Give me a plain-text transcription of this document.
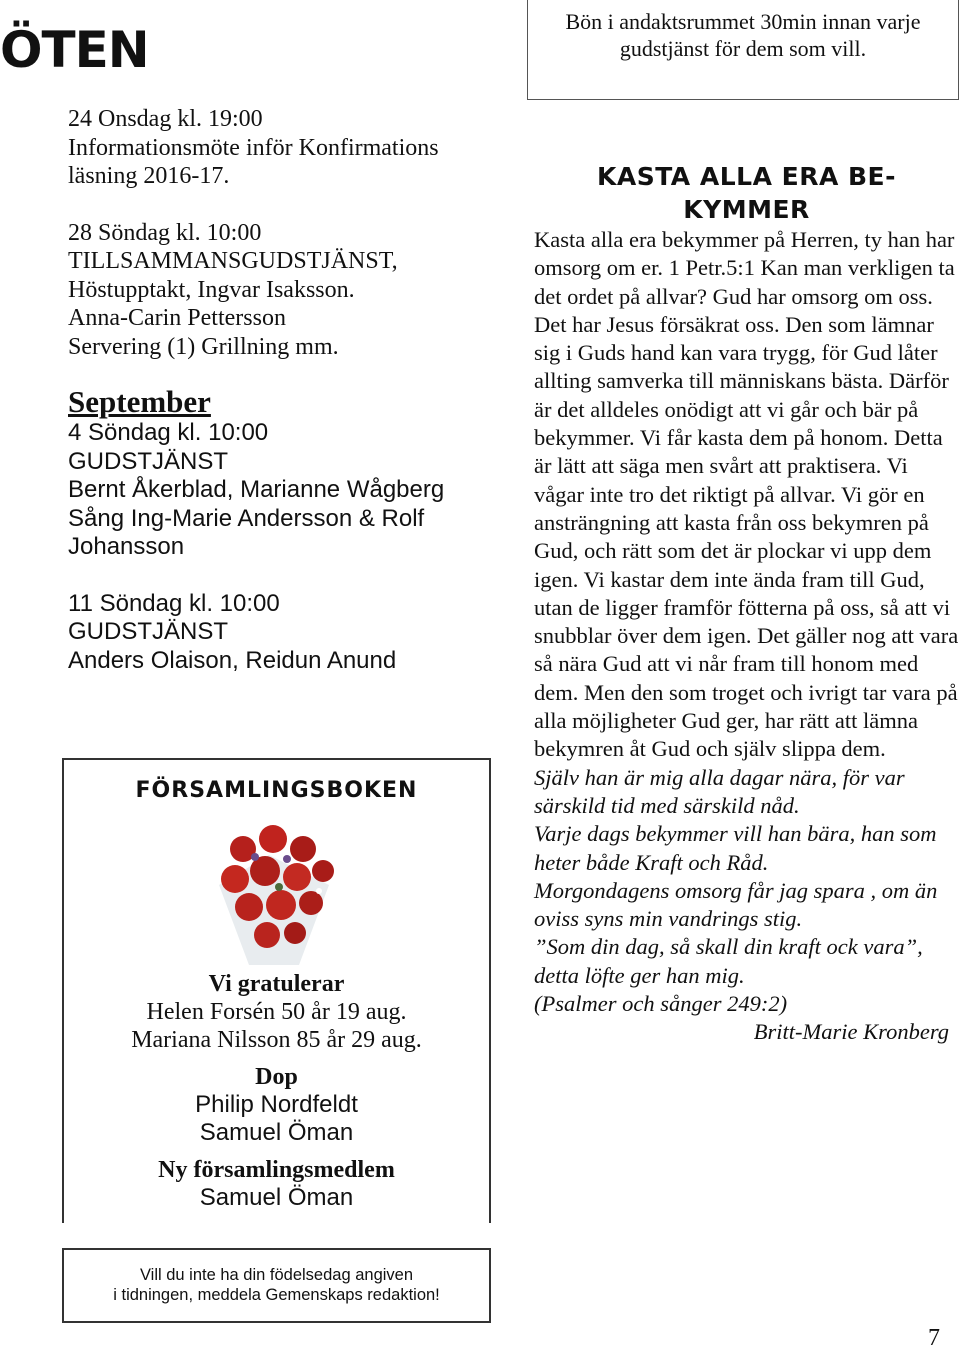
ÖTEN
24 Onsdag kl. 19:00
Informationsmöte inför Konfirmations
läsning 2016-17.
28 Söndag kl. 10:00
TILLSAMMANSGUDSTJÄNST,
Höstupptakt, Ingvar Isaksson.
Anna-Carin Pettersson
Servering (1) Grillning mm.
September
4 Söndag kl. 10:00
GUDSTJÄNST
Bernt Åkerblad, Marianne Wågberg
Sång Ing-Marie Andersson & Rolf
Johansson
11 Söndag kl. 10:00
GUDSTJÄNST
Anders Olaison, Reidun Anund
Bön i andaktsrummet 30min innan varje gudstjänst för dem som vill.
KASTA ALLA ERA BE-
KYMMER
Kasta alla era bekymmer på Herren, ty han har omsorg om er. 1 Petr.5:1 Kan man verkligen ta det ordet på allvar? Gud har omsorg om oss. Det har Jesus försäkrat oss. Den som lämnar sig i Guds hand kan vara trygg, för Gud låter allting samverka till människans bästa. Därför är det alldeles onödigt att vi går och bär på bekymmer. Vi får kasta dem på honom. Detta är lätt att säga men svårt att praktisera. Vi vågar inte tro det riktigt på allvar. Vi gör en ansträngning att kasta från oss bekymren på Gud, och rätt som det är plockar vi upp dem igen. Vi kastar dem inte ända fram till Gud, utan de ligger framför fötterna på oss, så att vi snubblar över dem igen. Det gäller nog att vara så nära Gud att vi når fram till honom med dem. Men den som troget och ivrigt tar vara på alla möjligheter Gud ger, har rätt att lämna bekymren åt Gud och själv slippa dem.
Själv han är mig alla dagar nära, för var särskild tid med särskild nåd.
Varje dags bekymmer vill han bära, han som heter både Kraft och Råd.
Morgondagens omsorg får jag spara , om än oviss syns min vandrings stig.
”Som din dag, så skall din kraft ock vara”, detta löfte ger han mig.
(Psalmer och sånger 249:2)
Britt-Marie Kronberg
FÖRSAMLINGSBOKEN
Vi gratulerar
Helen Forsén 50 år 19 aug.
Mariana Nilsson 85 år 29 aug.
Dop
Philip Nordfeldt
Samuel Öman
Ny församlingsmedlem
Samuel Öman
Vill du inte ha din födelsedag angiven
i tidningen, meddela Gemenskaps redaktion!
7
